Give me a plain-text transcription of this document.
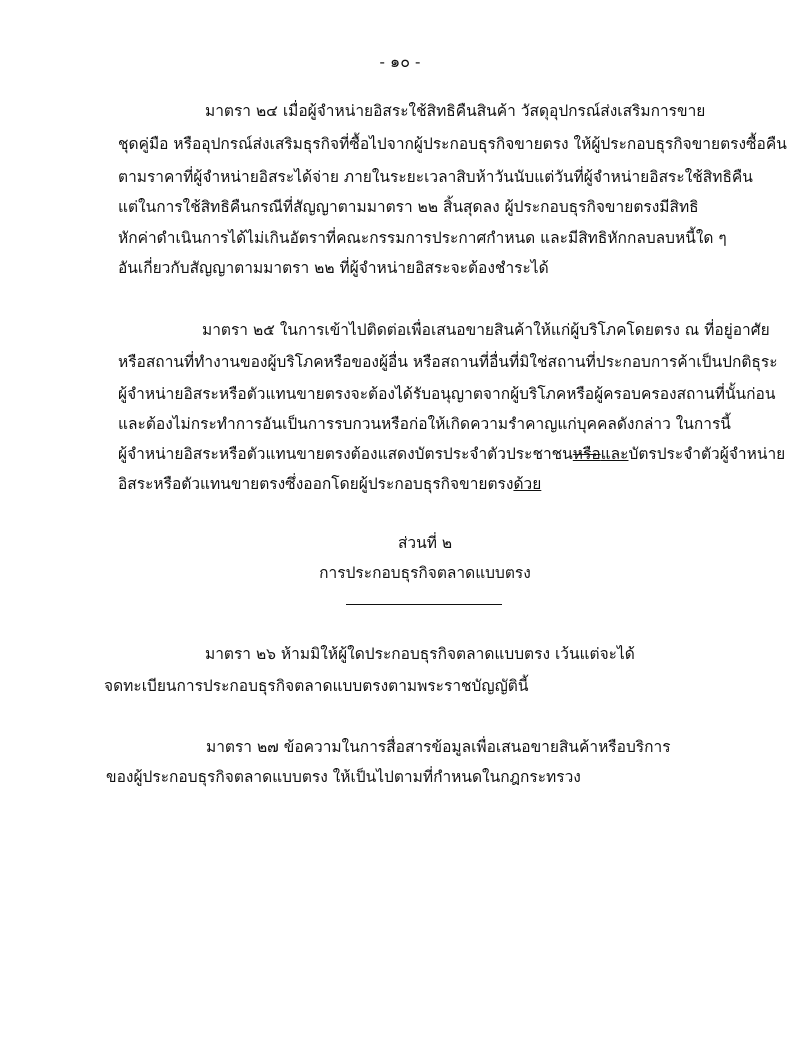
- ๑๐ -
มาตรา ๒๔ เมื่อผู้จำหน่ายอิสระใช้สิทธิคืนสินค้า วัสดุอุปกรณ์ส่งเสริมการขาย
ชุดคู่มือ หรืออุปกรณ์ส่งเสริมธุรกิจที่ซื้อไปจากผู้ประกอบธุรกิจขายตรง ให้ผู้ประกอบธุรกิจขายตรงซื้อคืน
ตามราคาที่ผู้จำหน่ายอิสระได้จ่าย ภายในระยะเวลาสิบห้าวันนับแต่วันที่ผู้จำหน่ายอิสระใช้สิทธิคืน
แต่ในการใช้สิทธิคืนกรณีที่สัญญาตามมาตรา ๒๒ สิ้นสุดลง ผู้ประกอบธุรกิจขายตรงมีสิทธิ
หักค่าดำเนินการได้ไม่เกินอัตราที่คณะกรรมการประกาศกำหนด และมีสิทธิหักกลบลบหนี้ใด ๆ
อันเกี่ยวกับสัญญาตามมาตรา ๒๒ ที่ผู้จำหน่ายอิสระจะต้องชำระได้
มาตรา ๒๕ ในการเข้าไปติดต่อเพื่อเสนอขายสินค้าให้แก่ผู้บริโภคโดยตรง ณ ที่อยู่อาศัย
หรือสถานที่ทำงานของผู้บริโภคหรือของผู้อื่น หรือสถานที่อื่นที่มิใช่สถานที่ประกอบการค้าเป็นปกติธุระ
ผู้จำหน่ายอิสระหรือตัวแทนขายตรงจะต้องได้รับอนุญาตจากผู้บริโภคหรือผู้ครอบครองสถานที่นั้นก่อน
และต้องไม่กระทำการอันเป็นการรบกวนหรือก่อให้เกิดความรำคาญแก่บุคคลดังกล่าว ในการนี้
ผู้จำหน่ายอิสระหรือตัวแทนขายตรงต้องแสดงบัตรประจำตัวประชาชนหรือและบัตรประจำตัวผู้จำหน่าย
อิสระหรือตัวแทนขายตรงซึ่งออกโดยผู้ประกอบธุรกิจขายตรงด้วย
ส่วนที่ ๒
การประกอบธุรกิจตลาดแบบตรง
มาตรา ๒๖ ห้ามมิให้ผู้ใดประกอบธุรกิจตลาดแบบตรง เว้นแต่จะได้
จดทะเบียนการประกอบธุรกิจตลาดแบบตรงตามพระราชบัญญัตินี้
มาตรา ๒๗ ข้อความในการสื่อสารข้อมูลเพื่อเสนอขายสินค้าหรือบริการ
ของผู้ประกอบธุรกิจตลาดแบบตรง ให้เป็นไปตามที่กำหนดในกฎกระทรวง
